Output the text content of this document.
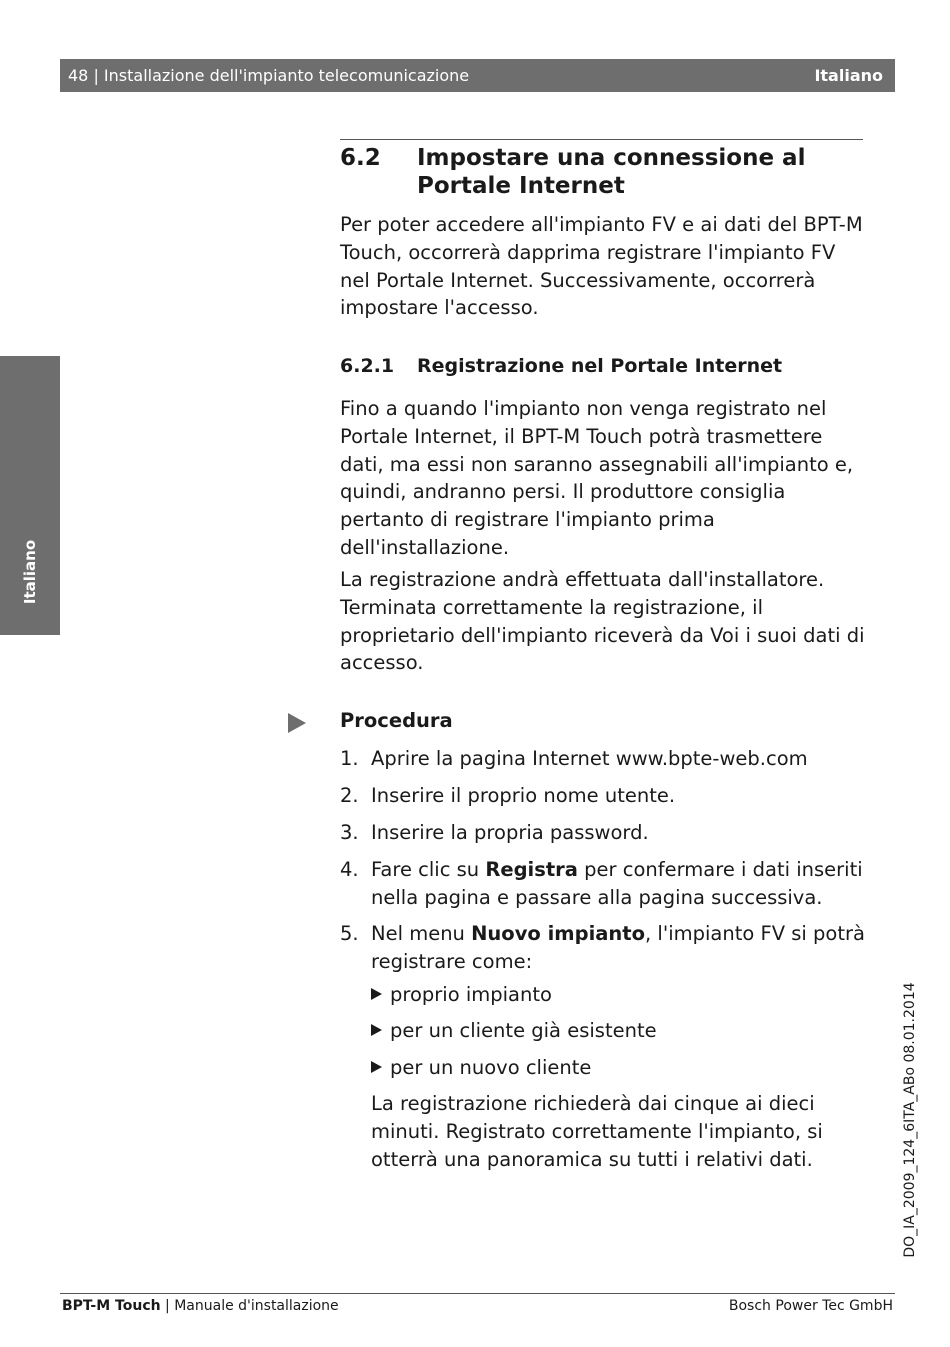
48 | Installazione dell'impianto telecomunicazione	Italiano
Italiano
6.2 Impostare una connessione al Portale Internet

Per poter accedere all'impianto FV e ai dati del BPT-M Touch, occorrerà dapprima registrare l'impianto FV nel Portale Internet. Successivamente, occorrerà impostare l'accesso.

6.2.1 Registrazione nel Portale Internet

Fino a quando l'impianto non venga registrato nel Portale Internet, il BPT-M Touch potrà trasmettere dati, ma essi non saranno assegnabili all'impianto e, quindi, andranno persi. Il produttore consiglia pertanto di registrare l'impianto prima dell'installazione.

La registrazione andrà effettuata dall'installatore. Terminata correttamente la registrazione, il proprietario dell'impianto riceverà da Voi i suoi dati di accesso.

Procedura
1. Aprire la pagina Internet www.bpte-web.com

2. Inserire il proprio nome utente.

3. Inserire la propria password.

4. Fare clic su Registra per confermare i dati inseriti nella pagina e passare alla pagina successiva.

5. Nel menu Nuovo impianto, l'impianto FV si potrà registrare come:

proprio impianto
per un cliente già esistente
per un nuovo cliente

La registrazione richiederà dai cinque ai dieci minuti. Registrato correttamente l'impianto, si otterrà una panoramica su tutti i relativi dati.	DO_IA_2009_124_6ITA_ABo 08.01.2014
BPT-M Touch | Manuale d'installazione	Bosch Power Tec GmbH
